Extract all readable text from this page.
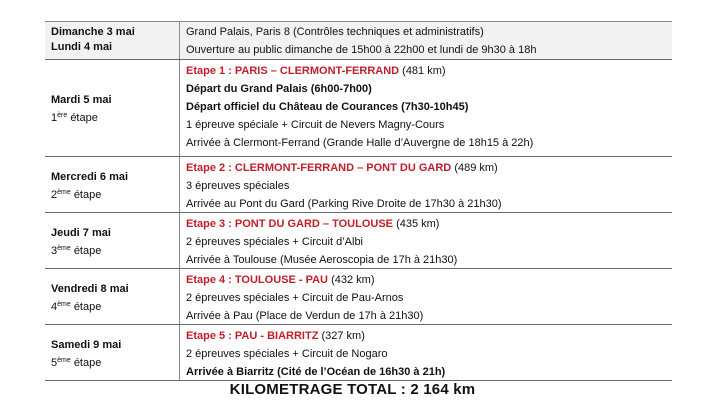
Dimanche 3 mai
Lundi 4 mai
Grand Palais, Paris 8 (Contrôles techniques et administratifs)
Ouverture au public dimanche de 15h00 à 22h00 et lundi de 9h30 à 18h
Mardi 5 mai
1ère étape
Etape 1 : PARIS – CLERMONT-FERRAND (481 km)
Départ du Grand Palais (6h00-7h00)
Départ officiel du Château de Courances (7h30-10h45)
1 épreuve spéciale + Circuit de Nevers Magny-Cours
Arrivée à Clermont-Ferrand (Grande Halle d’Auvergne de 18h15 à 22h)
Mercredi 6 mai
2ème étape
Etape 2 : CLERMONT-FERRAND – PONT DU GARD (489 km)
3 épreuves spéciales
Arrivée au Pont du Gard (Parking Rive Droite de 17h30 à 21h30)
Jeudi 7 mai
3ème étape
Etape 3 : PONT DU GARD – TOULOUSE (435 km)
2 épreuves spéciales + Circuit d’Albi
Arrivée à Toulouse (Musée Aeroscopia de 17h à 21h30)
Vendredi 8 mai
4ème étape
Etape 4 : TOULOUSE - PAU (432 km)
2 épreuves spéciales + Circuit de Pau-Arnos
Arrivée à Pau (Place de Verdun de 17h à 21h30)
Samedi 9 mai
5ème étape
Etape 5 : PAU - BIARRITZ (327 km)
2 épreuves spéciales + Circuit de Nogaro
Arrivée à Biarritz (Cité de l’Océan de 16h30 à 21h)
KILOMETRAGE TOTAL : 2 164 km
